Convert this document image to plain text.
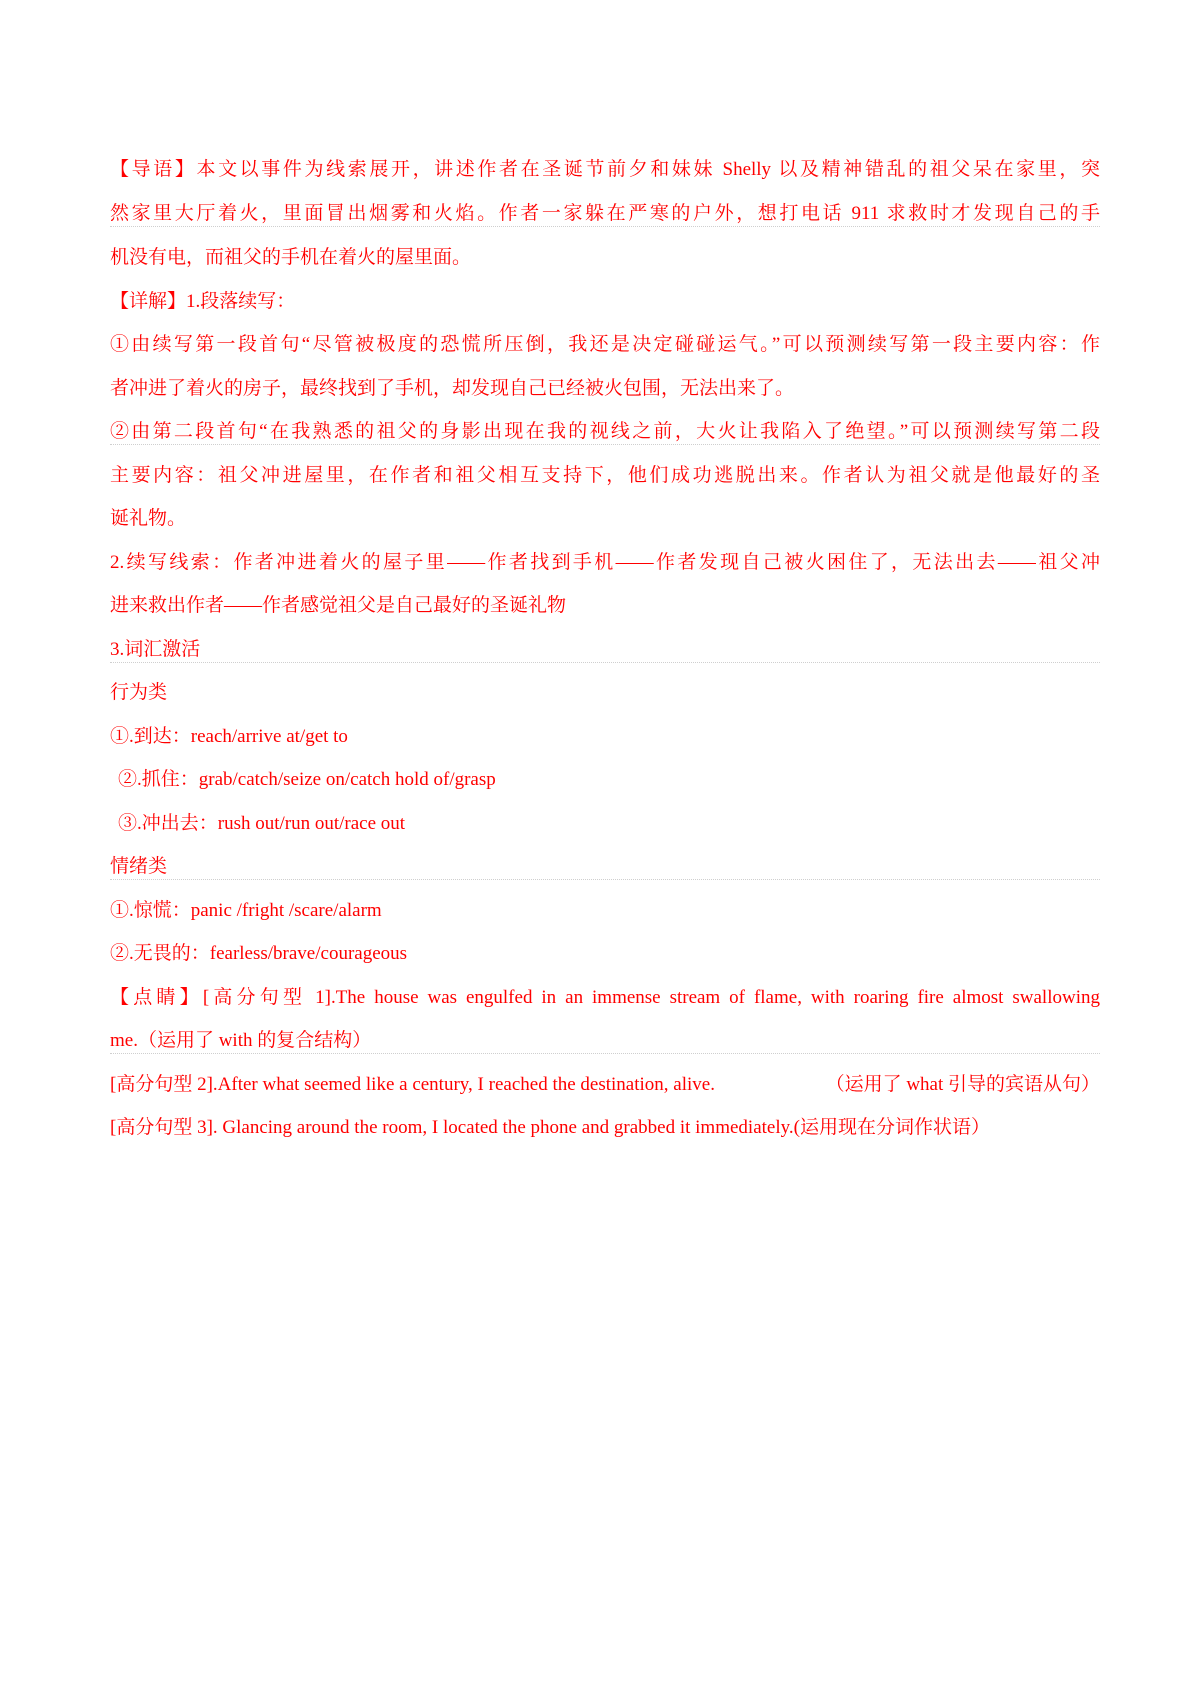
【导语】本文以事件为线索展开，讲述作者在圣诞节前夕和妹妹 Shelly 以及精神错乱的祖父呆在家里，突
然家里大厅着火，里面冒出烟雾和火焰。作者一家躲在严寒的户外，想打电话 911 求救时才发现自己的手
机没有电，而祖父的手机在着火的屋里面。
【详解】1.段落续写：
①由续写第一段首句“尽管被极度的恐慌所压倒，我还是决定碰碰运气。”可以预测续写第一段主要内容：作
者冲进了着火的房子，最终找到了手机，却发现自己已经被火包围，无法出来了。
②由第二段首句“在我熟悉的祖父的身影出现在我的视线之前，大火让我陷入了绝望。”可以预测续写第二段
主要内容：祖父冲进屋里，在作者和祖父相互支持下，他们成功逃脱出来。作者认为祖父就是他最好的圣
诞礼物。
2.续写线索：作者冲进着火的屋子里——作者找到手机——作者发现自己被火困住了，无法出去——祖父冲
进来救出作者——作者感觉祖父是自己最好的圣诞礼物
3.词汇激活
行为类
①.到达：reach/arrive at/get to
②.抓住：grab/catch/seize on/catch hold of/grasp
③.冲出去：rush out/run out/race out
情绪类
①.惊慌：panic /fright /scare/alarm
②.无畏的：fearless/brave/courageous
【点睛】[高分句型 1].The house was engulfed in an immense stream of flame, with roaring fire almost swallowing
me.（运用了 with 的复合结构）
[高分句型 2].After what seemed like a century, I reached the destination, alive.	（运用了 what 引导的宾语从句）
[高分句型 3]. Glancing around the room, I located the phone and grabbed it immediately.(运用现在分词作状语）
